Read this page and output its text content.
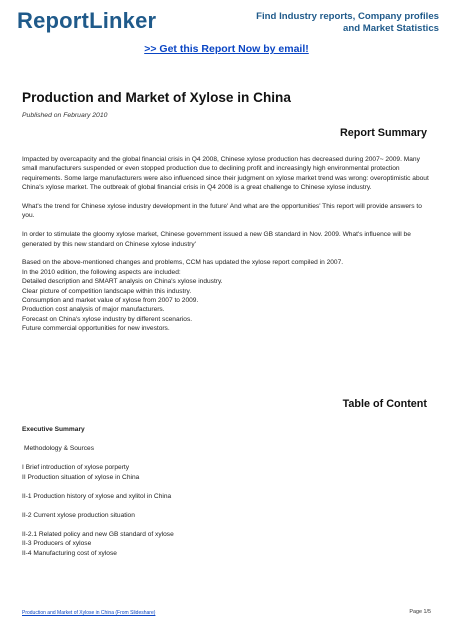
ReportLinker	Find Industry reports, Company profiles
and Market Statistics
>> Get this Report Now by email!
Production and Market of Xylose in China
Published on February 2010
Report Summary

Impacted by overcapacity and the global financial crisis in Q4 2008, Chinese xylose production has decreased during 2007~ 2009. Many small manufacturers suspended or even stopped production due to declining profit and increasingly high environmental protection requirements. Some large manufacturers were also influenced since their judgment on xylose market trend was wrong: overoptimistic about China's xylose market. The outbreak of global financial crisis in Q4 2008 is a great challenge to Chinese xylose industry.

What's the trend for Chinese xylose industry development in the future' And what are the opportunities' This report will provide answers to you.

In order to stimulate the gloomy xylose market, Chinese government issued a new GB standard in Nov. 2009. What's influence will be generated by this new standard on Chinese xylose industry'

Based on the above-mentioned changes and problems, CCM has updated the xylose report compiled in 2007.
In the 2010 edition, the following aspects are included:
Detailed description and SMART analysis on China's xylose industry.
Clear picture of competition landscape within this industry.
Consumption and market value of xylose from 2007 to 2009.
Production cost analysis of major manufacturers.
Forecast on China's xylose industry by different scenarios.
Future commercial opportunities for new investors.
Table of Content
Executive Summary
Methodology & Sources
I Brief introduction of xylose porperty
II Production situation of xylose in China
II-1 Production history of xylose and xylitol in China
II-2 Current xylose production situation
II-2.1 Related policy and new GB standard of xylose
II-3 Producers of xylose
II-4 Manufacturing cost of xylose
Production and Market of Xylose in China (From Slideshare)	Page 1/5
